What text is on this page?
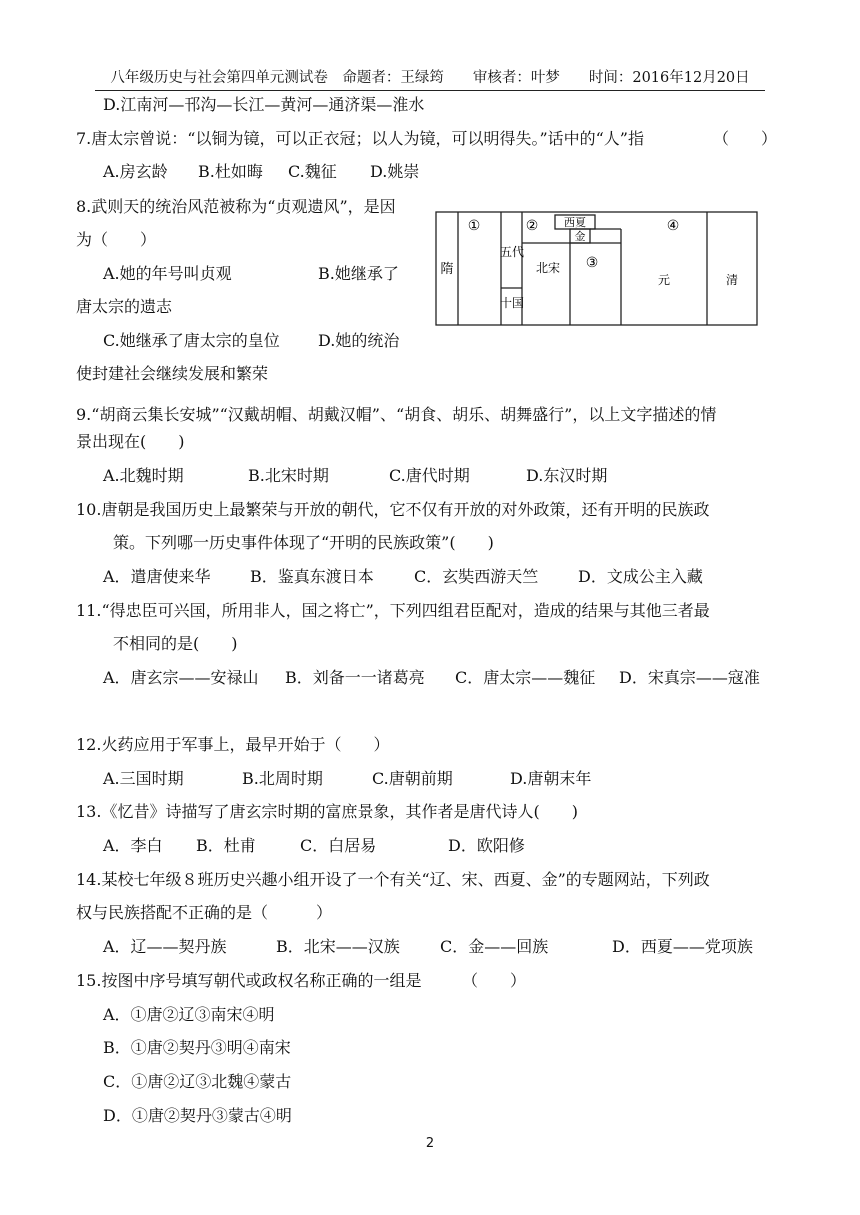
八年级历史与社会第四单元测试卷　命题者：王绿筠　　审核者：叶梦　　时间：2016年12月20日
D.江南河—邗沟—长江—黄河—通济渠—淮水
7.唐太宗曾说：“以铜为镜，可以正衣冠；以人为镜，可以明得失。”话中的“人”指	（　　）
A.房玄龄 B.杜如晦 C.魏征 D.姚崇
8.武则天的统治风范被称为“贞观遗风”，是因
为（　　）
A.她的年号叫贞观	B.她继承了
唐太宗的遗志
C.她继承了唐太宗的皇位 D.她的统治
使封建社会继续发展和繁荣
隋
①	②
五代
十国
西夏
金
北宋 ③
④
元	清
9.“胡商云集长安城”“汉戴胡帽、胡戴汉帽”、“胡食、胡乐、胡舞盛行”，以上文字描述的情
景出现在(　　)
A.北魏时期	B.北宋时期	C.唐代时期	D.东汉时期
10.唐朝是我国历史上最繁荣与开放的朝代，它不仅有开放的对外政策，还有开明的民族政
策。下列哪一历史事件体现了“开明的民族政策”(　　)
A．遣唐使来华 B．鉴真东渡日本	C．玄奘西游天竺 D．文成公主入藏
11.“得忠臣可兴国，所用非人，国之将亡”，下列四组君臣配对，造成的结果与其他三者最
不相同的是(　　)
A．唐玄宗——安禄山 B．刘备一一诸葛亮 C．唐太宗——魏征 D．宋真宗——寇准
12.火药应用于军事上，最早开始于（　　）
A.三国时期	B.北周时期	C.唐朝前期	D.唐朝末年
13.《忆昔》诗描写了唐玄宗时期的富庶景象，其作者是唐代诗人(　　)
A．李白 B．杜甫	C．白居易	D．欧阳修
14.某校七年级８班历史兴趣小组开设了一个有关“辽、宋、西夏、金”的专题网站，下列政
权与民族搭配不正确的是（　　　）
A．辽——契丹族	B．北宋——汉族	C．金——回族	D．西夏——党项族
15.按图中序号填写朝代或政权名称正确的一组是	（　　）
A．①唐②辽③南宋④明
B．①唐②契丹③明④南宋
C．①唐②辽③北魏④蒙古
D．①唐②契丹③蒙古④明
2
